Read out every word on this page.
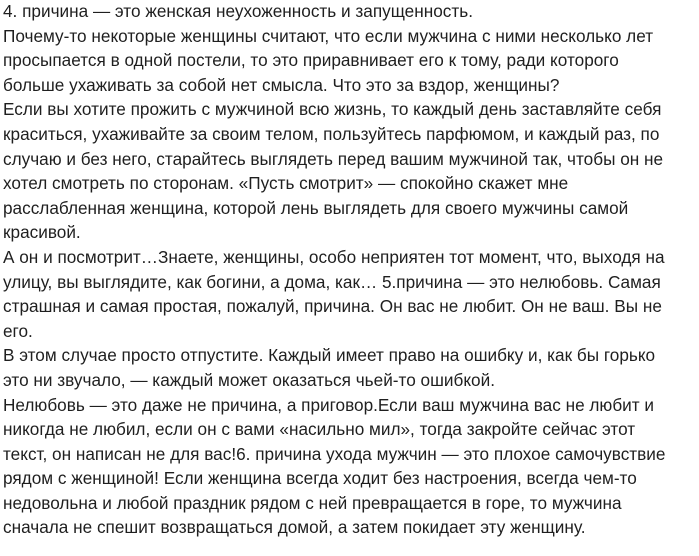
4. причина — это женская неухоженность и запущенность.
Почему-то некоторые женщины считают, что если мужчина с ними несколько лет
просыпается в одной постели, то это приравнивает его к тому, ради которого
больше ухаживать за собой нет смысла. Что это за вздор, женщины?
Если вы хотите прожить с мужчиной всю жизнь, то каждый день заставляйте себя
краситься, ухаживайте за своим телом, пользуйтесь парфюмом, и каждый раз, по
случаю и без него, старайтесь выглядеть перед вашим мужчиной так, чтобы он не
хотел смотреть по сторонам. «Пусть смотрит» — спокойно скажет мне
расслабленная женщина, которой лень выглядеть для своего мужчины самой
красивой.
А он и посмотрит…Знаете, женщины, особо неприятен тот момент, что, выходя на
улицу, вы выглядите, как богини, а дома, как… 5.причина — это нелюбовь. Самая
страшная и самая простая, пожалуй, причина. Он вас не любит. Он не ваш. Вы не
его.
В этом случае просто отпустите. Каждый имеет право на ошибку и, как бы горько
это ни звучало, — каждый может оказаться чьей-то ошибкой.
Нелюбовь — это даже не причина, а приговор.Если ваш мужчина вас не любит и
никогда не любил, если он с вами «насильно мил», тогда закройте сейчас этот
текст, он написан не для вас!6. причина ухода мужчин — это плохое самочувствие
рядом с женщиной! Если женщина всегда ходит без настроения, всегда чем-то
недовольна и любой праздник рядом с ней превращается в горе, то мужчина
сначала не спешит возвращаться домой, а затем покидает эту женщину.
